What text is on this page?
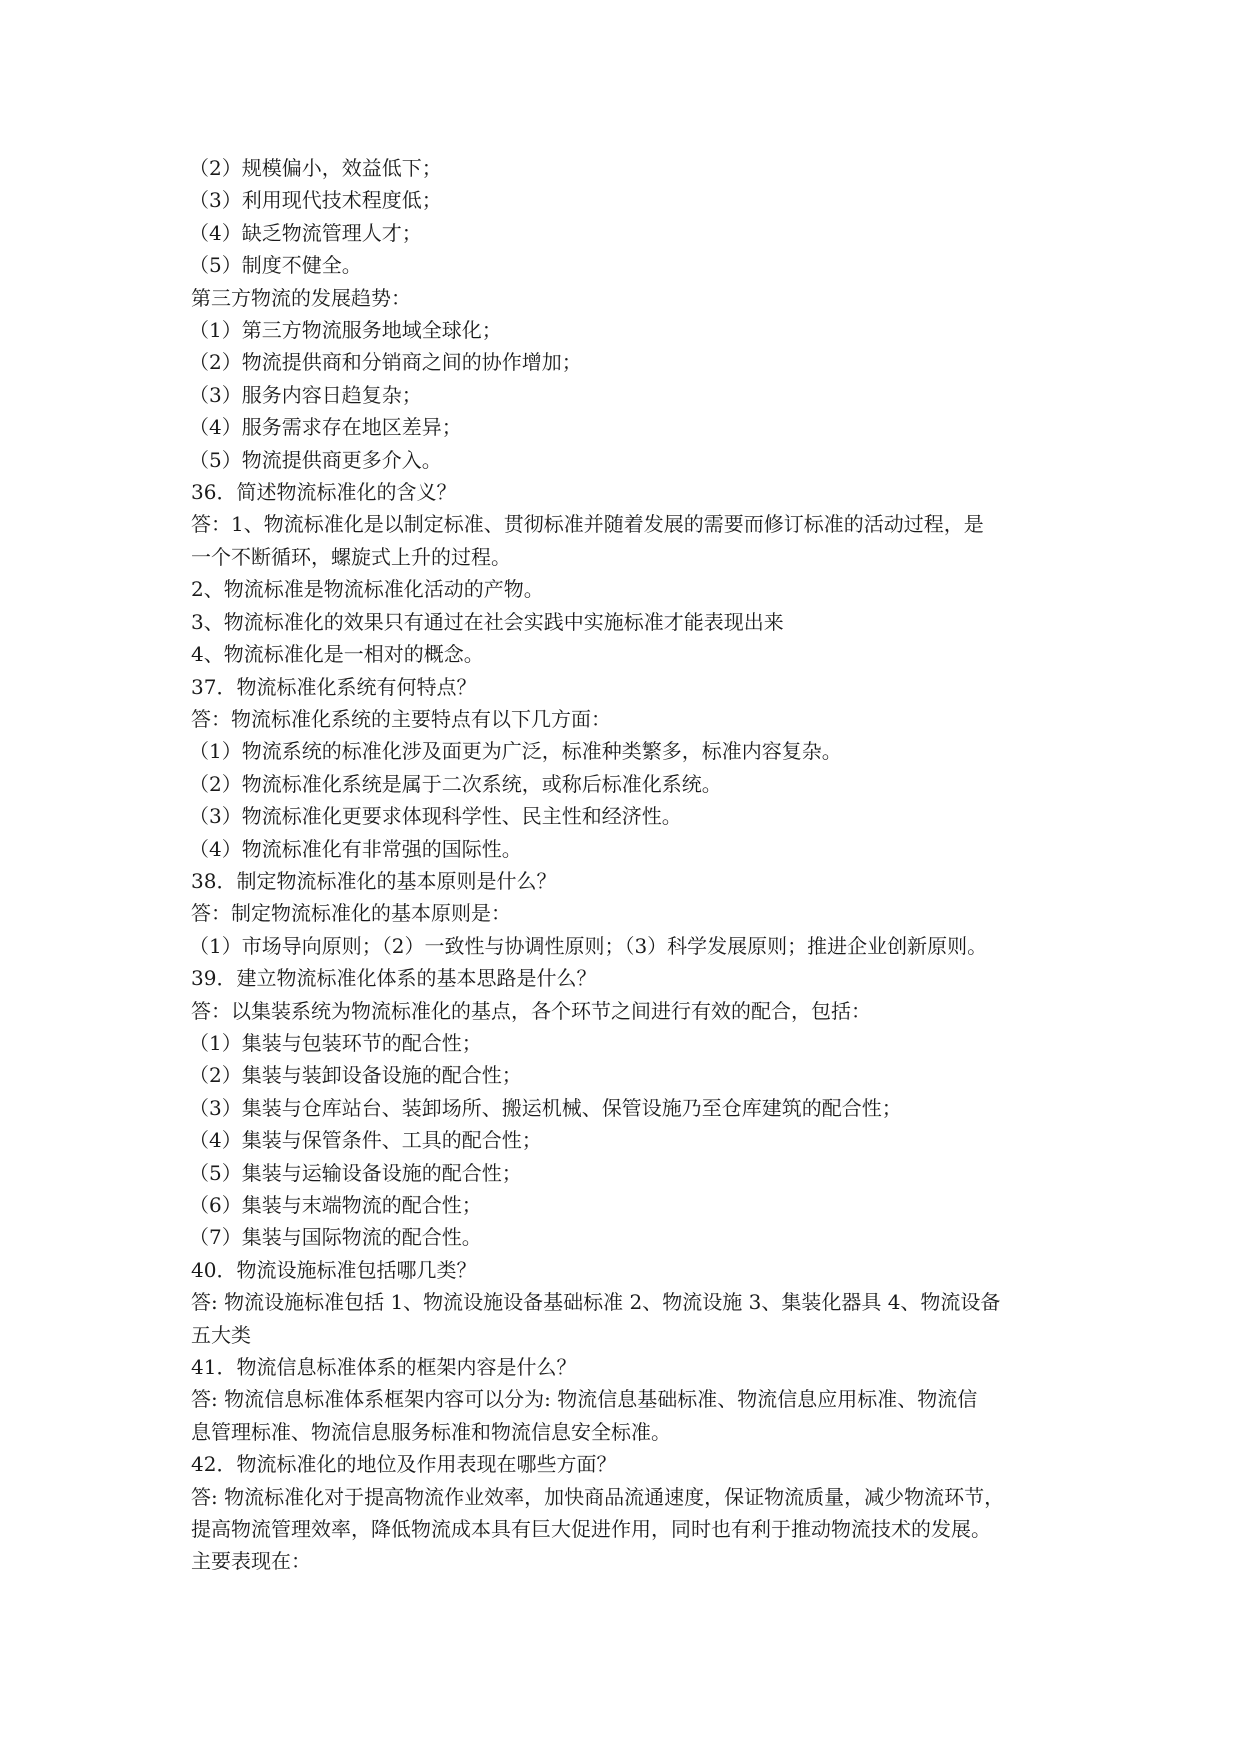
（2）规模偏小，效益低下；

（3）利用现代技术程度低；

（4）缺乏物流管理人才；

（5）制度不健全。

第三方物流的发展趋势：

（1）第三方物流服务地域全球化；

（2）物流提供商和分销商之间的协作增加；

（3）服务内容日趋复杂；

（4）服务需求存在地区差异；

（5）物流提供商更多介入。

36．简述物流标准化的含义？

答：1、物流标准化是以制定标准、贯彻标准并随着发展的需要而修订标准的活动过程，是

一个不断循环，螺旋式上升的过程。

2、物流标准是物流标准化活动的产物。

3、物流标准化的效果只有通过在社会实践中实施标准才能表现出来

4、物流标准化是一相对的概念。

37．物流标准化系统有何特点？

答：物流标准化系统的主要特点有以下几方面：

（1）物流系统的标准化涉及面更为广泛，标准种类繁多，标准内容复杂。

（2）物流标准化系统是属于二次系统，或称后标准化系统。

（3）物流标准化更要求体现科学性、民主性和经济性。

（4）物流标准化有非常强的国际性。

38．制定物流标准化的基本原则是什么？

答：制定物流标准化的基本原则是：

（1）市场导向原则；（2）一致性与协调性原则；（3）科学发展原则；推进企业创新原则。

39．建立物流标准化体系的基本思路是什么？

答：以集装系统为物流标准化的基点，各个环节之间进行有效的配合，包括：

（1）集装与包装环节的配合性；

（2）集装与装卸设备设施的配合性；

（3）集装与仓库站台、装卸场所、搬运机械、保管设施乃至仓库建筑的配合性；

（4）集装与保管条件、工具的配合性；

（5）集装与运输设备设施的配合性；

（6）集装与末端物流的配合性；

（7）集装与国际物流的配合性。

40．物流设施标准包括哪几类？

答: 物流设施标准包括 1、物流设施设备基础标准 2、物流设施 3、集装化器具 4、物流设备

五大类

41．物流信息标准体系的框架内容是什么？

答: 物流信息标准体系框架内容可以分为: 物流信息基础标准、物流信息应用标准、物流信

息管理标准、物流信息服务标准和物流信息安全标准。

42．物流标准化的地位及作用表现在哪些方面？

答: 物流标准化对于提高物流作业效率，加快商品流通速度，保证物流质量，减少物流环节，

提高物流管理效率，降低物流成本具有巨大促进作用，同时也有利于推动物流技术的发展。

主要表现在：
